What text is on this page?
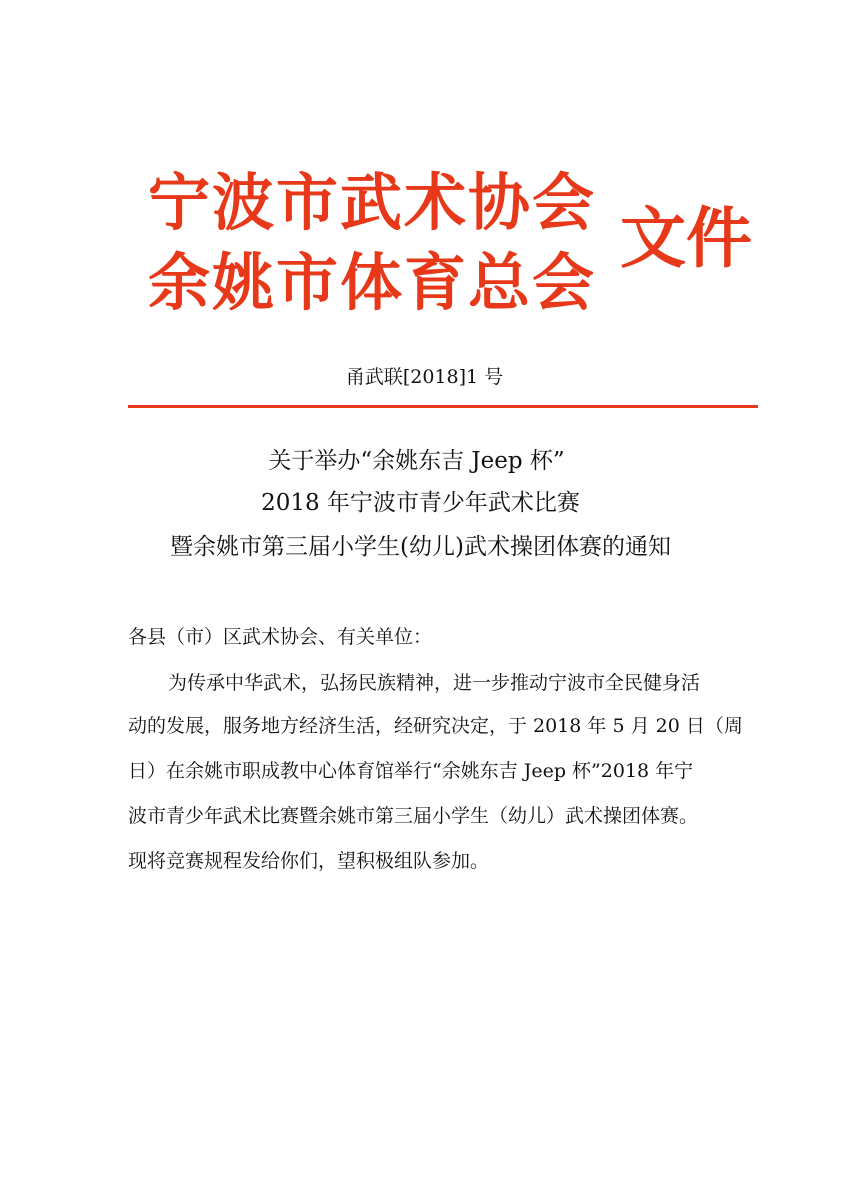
宁波市武术协会
余姚市体育总会
文件
甬武联[2018]1 号
关于举办“余姚东吉 Jeep 杯”
2018 年宁波市青少年武术比赛
暨余姚市第三届小学生(幼儿)武术操团体赛的通知
各县（市）区武术协会、有关单位：
为传承中华武术，弘扬民族精神，进一步推动宁波市全民健身活
动的发展，服务地方经济生活，经研究决定，于 2018 年 5 月 20 日（周
日）在余姚市职成教中心体育馆举行“余姚东吉 Jeep 杯”2018 年宁
波市青少年武术比赛暨余姚市第三届小学生（幼儿）武术操团体赛。
现将竞赛规程发给你们，望积极组队参加。
